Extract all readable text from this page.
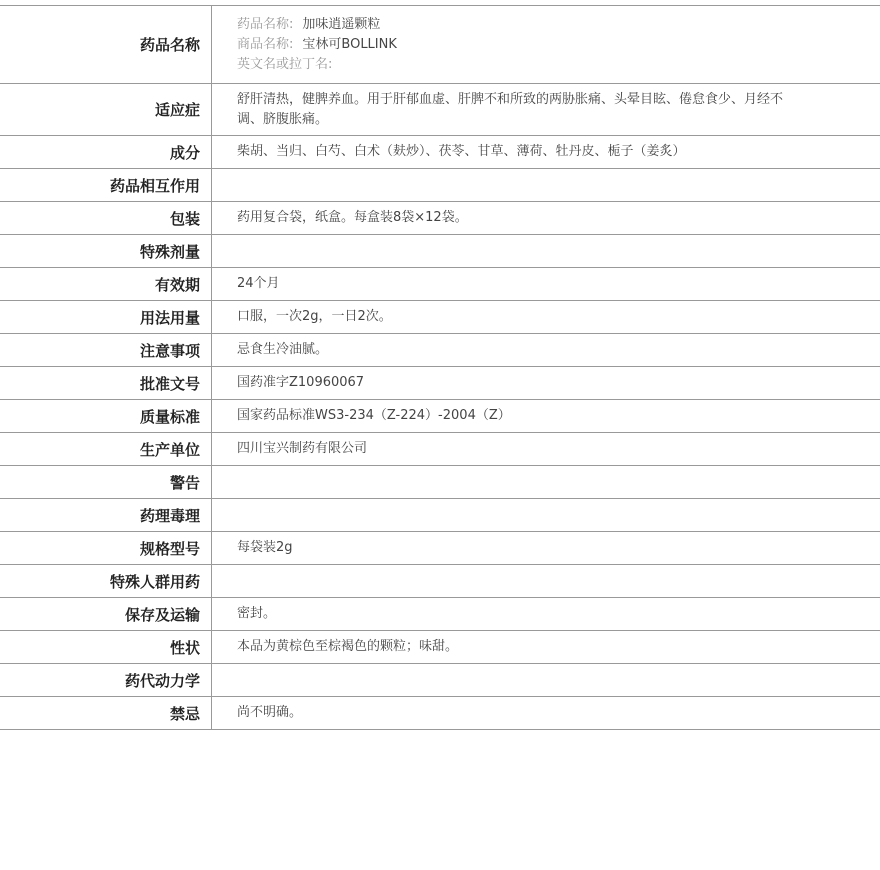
药品名称	药品名称: 加味逍遥颗粒
商品名称: 宝林可BOLLINK
英文名或拉丁名:

适应症	舒肝清热，健脾养血。用于肝郁血虚、肝脾不和所致的两胁胀痛、头晕目眩、倦怠食少、月经不调、脐腹胀痛。
成分	柴胡、当归、白芍、白术（麸炒）、茯苓、甘草、薄荷、牡丹皮、栀子（姜炙）
药品相互作用	
包装	药用复合袋，纸盒。每盒装8袋×12袋。
特殊剂量	
有效期	24个月
用法用量	口服，一次2g，一日2次。
注意事项	忌食生冷油腻。
批准文号	国药准字Z10960067
质量标准	国家药品标准WS3-234（Z-224）-2004（Z）
生产单位	四川宝兴制药有限公司
警告	
药理毒理	
规格型号	每袋装2g
特殊人群用药	
保存及运输	密封。
性状	本品为黄棕色至棕褐色的颗粒；味甜。
药代动力学	
禁忌	尚不明确。
